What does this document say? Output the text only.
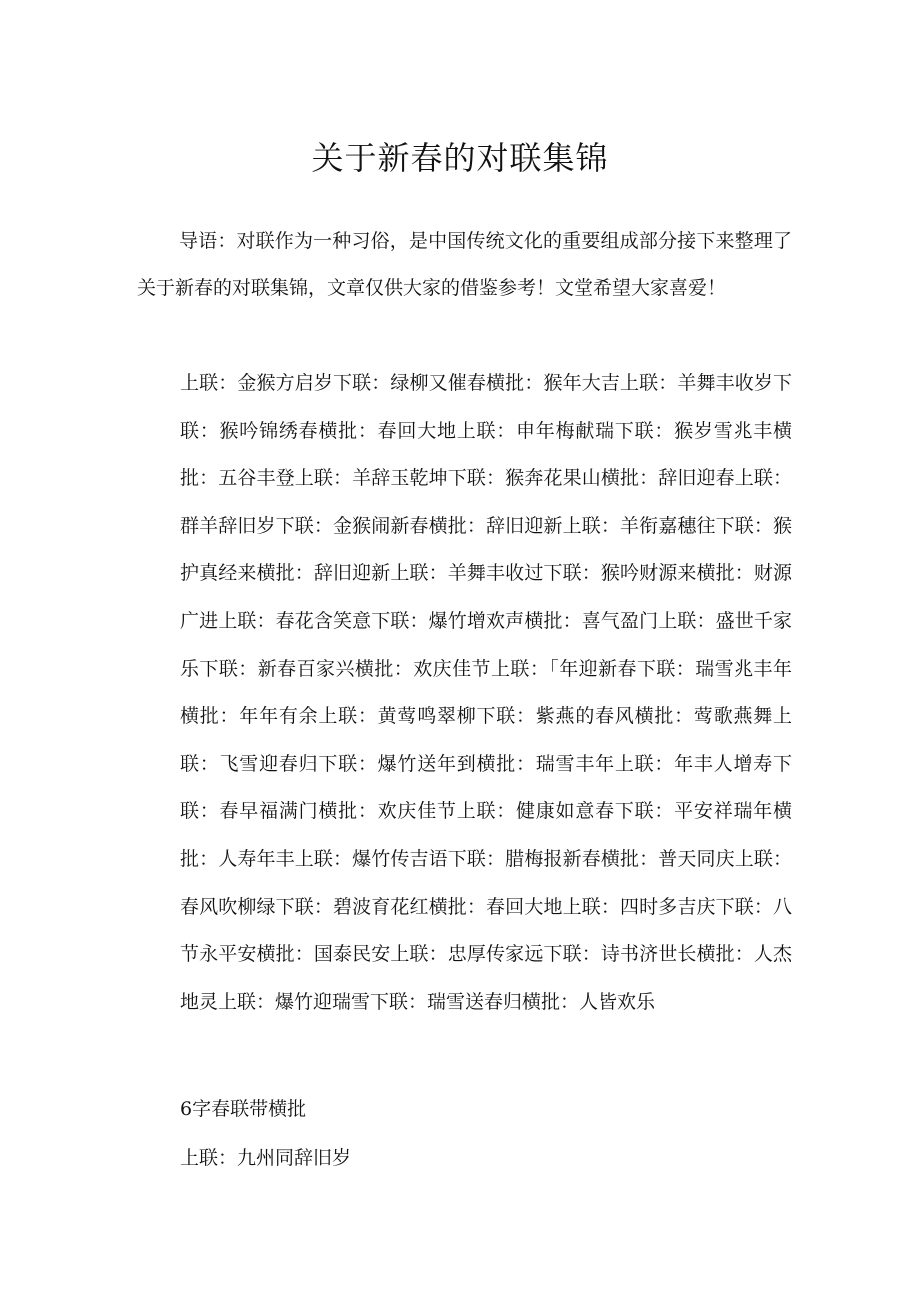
关于新春的对联集锦

导语：对联作为一种习俗，是中国传统文化的重要组成部分接下来整理了关于新春的对联集锦，文章仅供大家的借鉴参考！文堂希望大家喜爱！

上联：金猴方启岁下联：绿柳又催春横批：猴年大吉上联：羊舞丰收岁下联：猴吟锦绣春横批：春回大地上联：申年梅献瑞下联：猴岁雪兆丰横批：五谷丰登上联：羊辞玉乾坤下联：猴奔花果山横批：辞旧迎春上联：群羊辞旧岁下联：金猴闹新春横批：辞旧迎新上联：羊衔嘉穗往下联：猴护真经来横批：辞旧迎新上联：羊舞丰收过下联：猴吟财源来横批：财源广进上联：春花含笑意下联：爆竹增欢声横批：喜气盈门上联：盛世千家乐下联：新春百家兴横批：欢庆佳节上联：「年迎新春下联：瑞雪兆丰年横批：年年有余上联：黄莺鸣翠柳下联：紫燕的春风横批：莺歌燕舞上联：飞雪迎春归下联：爆竹送年到横批：瑞雪丰年上联：年丰人增寿下联：春早福满门横批：欢庆佳节上联：健康如意春下联：平安祥瑞年横批：人寿年丰上联：爆竹传吉语下联：腊梅报新春横批：普天同庆上联：春风吹柳绿下联：碧波育花红横批：春回大地上联：四时多吉庆下联：八节永平安横批：国泰民安上联：忠厚传家远下联：诗书济世长横批：人杰地灵上联：爆竹迎瑞雪下联：瑞雪送春归横批：人皆欢乐

6字春联带横批

上联：九州同辞旧岁
